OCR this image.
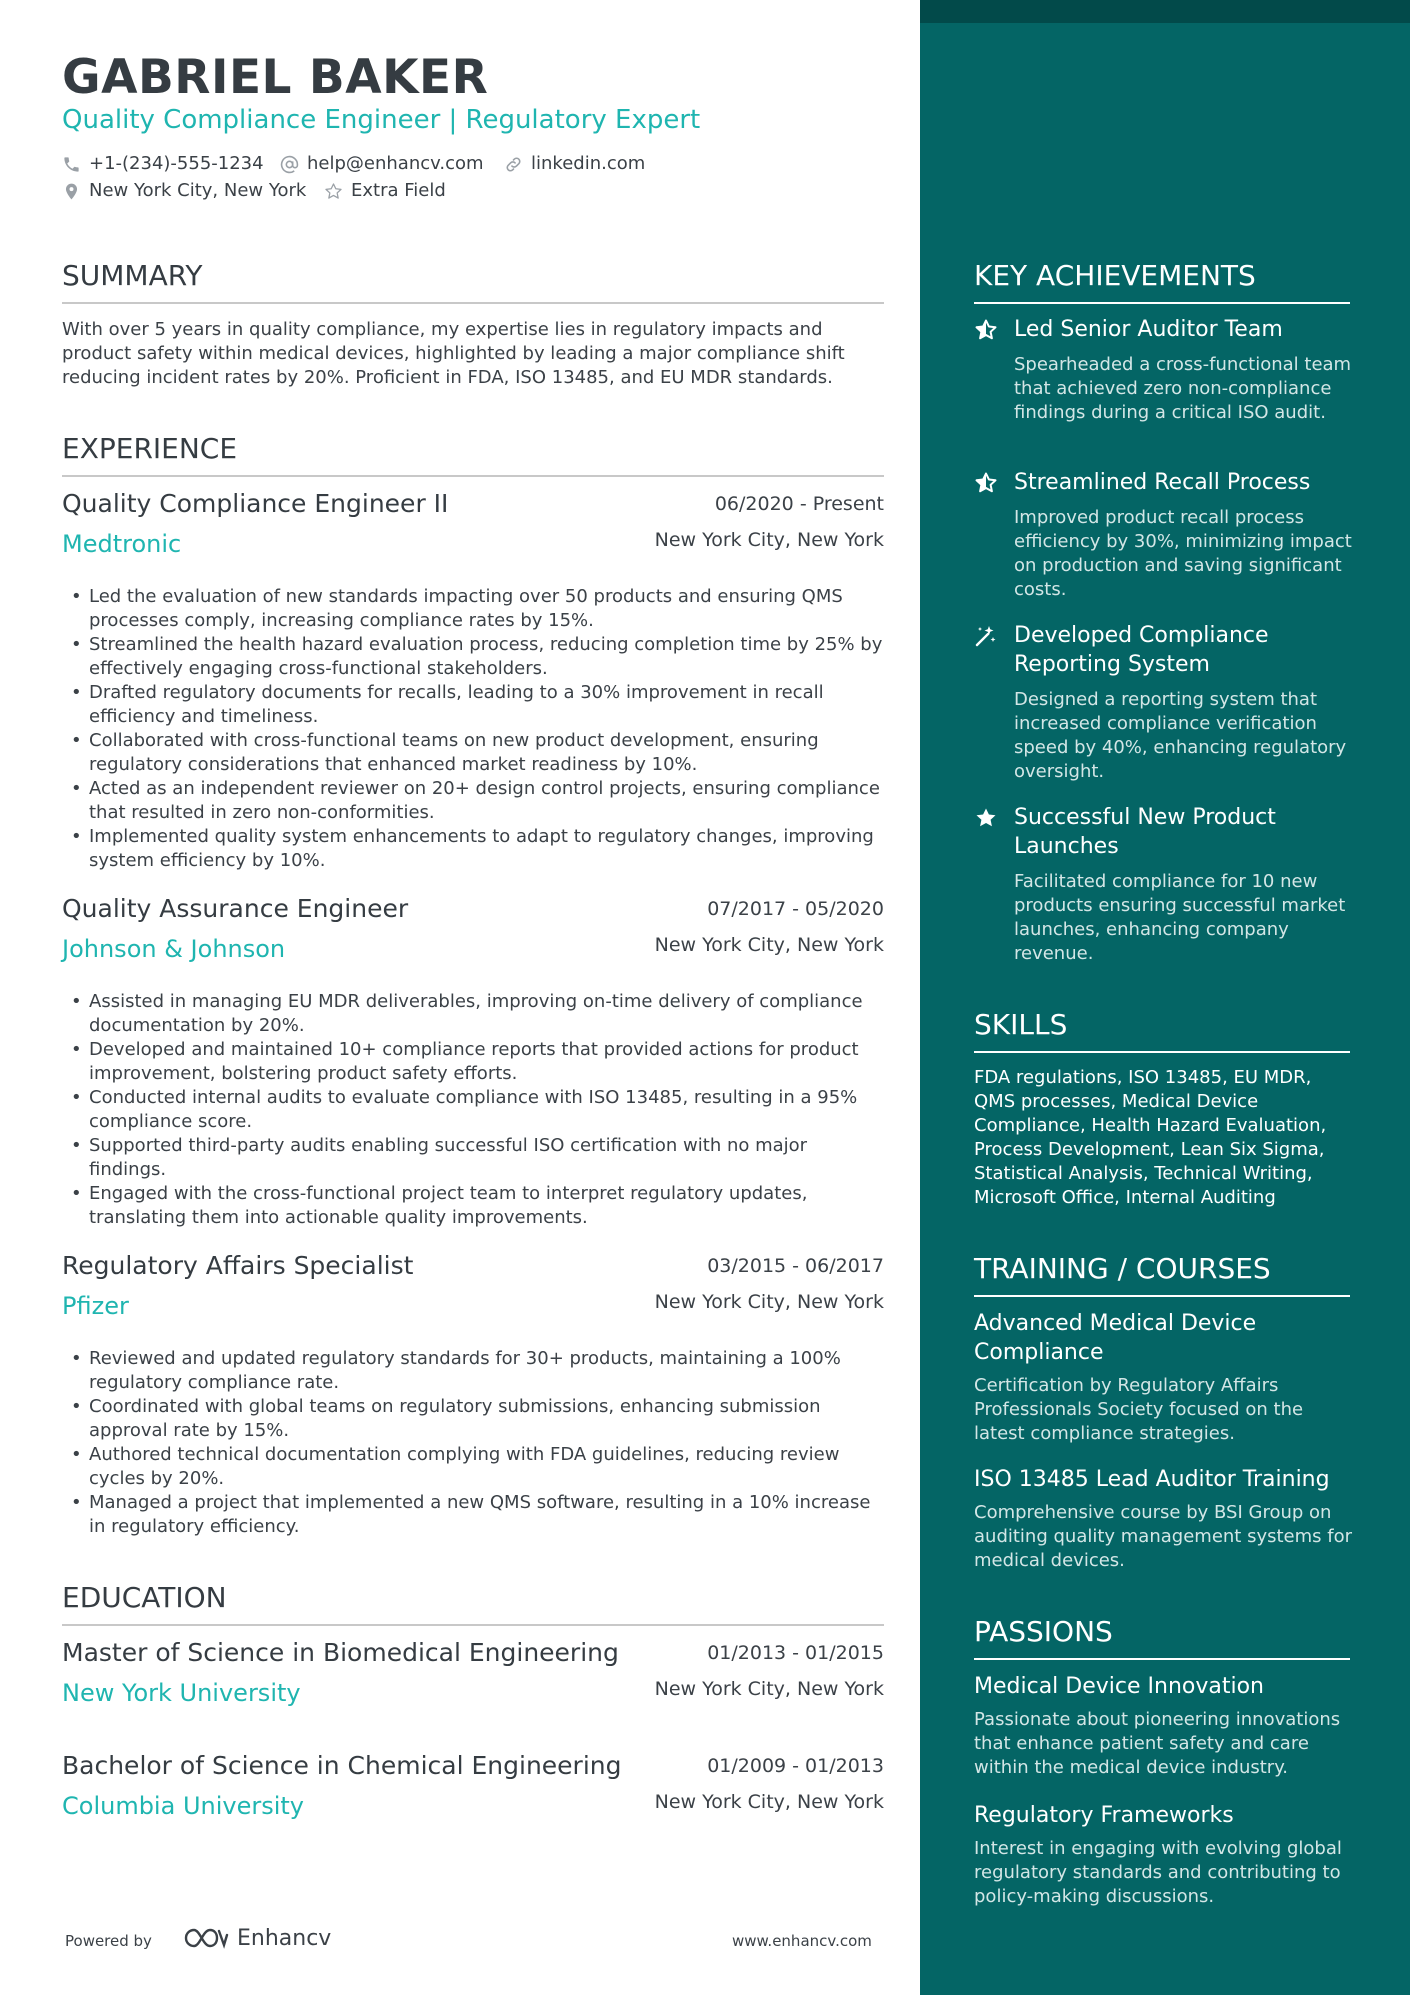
GABRIEL BAKER
Quality Compliance Engineer | Regulatory Expert
+1-(234)-555-1234 help@enhancv.com	linkedin.com
New York City, New York Extra Field
SUMMARY
With over 5 years in quality compliance, my expertise lies in regulatory impacts and product safety within medical devices, highlighted by leading a major compliance shift reducing incident rates by 20%. Proficient in FDA, ISO 13485, and EU MDR standards.
EXPERIENCE
Quality Compliance Engineer II	06/2020 - Present
Medtronic	New York City, New York
• Led the evaluation of new standards impacting over 50 products and ensuring QMS processes comply, increasing compliance rates by 15%.
• Streamlined the health hazard evaluation process, reducing completion time by 25% by effectively engaging cross-functional stakeholders.
• Drafted regulatory documents for recalls, leading to a 30% improvement in recall efficiency and timeliness.
• Collaborated with cross-functional teams on new product development, ensuring regulatory considerations that enhanced market readiness by 10%.
• Acted as an independent reviewer on 20+ design control projects, ensuring compliance that resulted in zero non-conformities.
• Implemented quality system enhancements to adapt to regulatory changes, improving system efficiency by 10%.
Quality Assurance Engineer	07/2017 - 05/2020
Johnson & Johnson	New York City, New York
• Assisted in managing EU MDR deliverables, improving on-time delivery of compliance documentation by 20%.
• Developed and maintained 10+ compliance reports that provided actions for product improvement, bolstering product safety efforts.
• Conducted internal audits to evaluate compliance with ISO 13485, resulting in a 95% compliance score.
• Supported third-party audits enabling successful ISO certification with no major findings.
• Engaged with the cross-functional project team to interpret regulatory updates, translating them into actionable quality improvements.
Regulatory Affairs Specialist	03/2015 - 06/2017
Pfizer	New York City, New York
• Reviewed and updated regulatory standards for 30+ products, maintaining a 100% regulatory compliance rate.
• Coordinated with global teams on regulatory submissions, enhancing submission approval rate by 15%.
• Authored technical documentation complying with FDA guidelines, reducing review cycles by 20%.
• Managed a project that implemented a new QMS software, resulting in a 10% increase in regulatory efficiency.
EDUCATION
Master of Science in Biomedical Engineering	01/2013 - 01/2015
New York University	New York City, New York
Bachelor of Science in Chemical Engineering	01/2009 - 01/2013
Columbia University	New York City, New York
Powered by	Enhancv	www.enhancv.com
KEY ACHIEVEMENTS
Led Senior Auditor Team
Spearheaded a cross-functional team that achieved zero non-compliance findings during a critical ISO audit.
Streamlined Recall Process
Improved product recall process efficiency by 30%, minimizing impact on production and saving significant costs.
Developed Compliance Reporting System
Designed a reporting system that increased compliance verification speed by 40%, enhancing regulatory oversight.
Successful New Product Launches
Facilitated compliance for 10 new products ensuring successful market launches, enhancing company revenue.
SKILLS
FDA regulations, ISO 13485, EU MDR, QMS processes, Medical Device Compliance, Health Hazard Evaluation, Process Development, Lean Six Sigma, Statistical Analysis, Technical Writing, Microsoft Office, Internal Auditing
TRAINING / COURSES
Advanced Medical Device Compliance
Certification by Regulatory Affairs Professionals Society focused on the latest compliance strategies.
ISO 13485 Lead Auditor Training
Comprehensive course by BSI Group on auditing quality management systems for medical devices.
PASSIONS
Medical Device Innovation
Passionate about pioneering innovations that enhance patient safety and care within the medical device industry.
Regulatory Frameworks
Interest in engaging with evolving global regulatory standards and contributing to policy-making discussions.
